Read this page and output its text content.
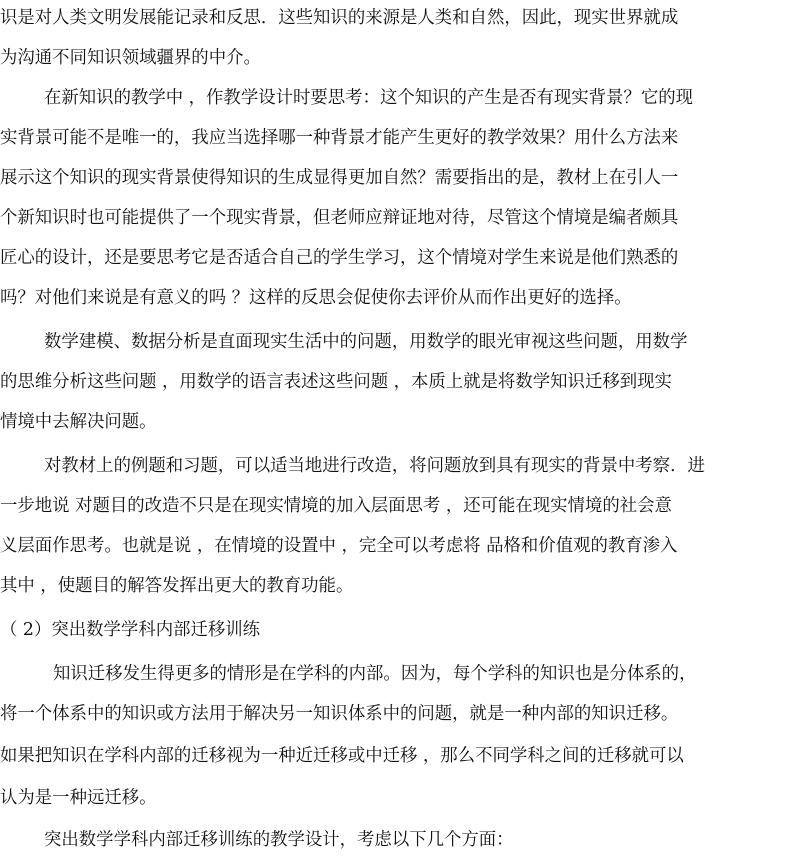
识是对人类文明发展能记录和反思．这些知识的来源是人类和自然，因此，现实世界就成
为沟通不同知识领域疆界的中介。
在新知识的教学中 ，作教学设计时要思考：这个知识的产生是否有现实背景？它的现
实背景可能不是唯一的，我应当选择哪一种背景才能产生更好的教学效果？用什么方法来
展示这个知识的现实背景使得知识的生成显得更加自然？需要指出的是，教材上在引人一
个新知识时也可能提供了一个现实背景，但老师应辩证地对待，尽管这个情境是编者颇具
匠心的设计，还是要思考它是否适合自己的学生学习，这个情境对学生来说是他们熟悉的
吗？对他们来说是有意义的吗 ？这样的反思会促使你去评价从而作出更好的选择。
数学建模、数据分析是直面现实生活中的问题，用数学的眼光审视这些问题，用数学
的思维分析这些问题 ，用数学的语言表述这些问题 ，本质上就是将数学知识迁移到现实
情境中去解决问题。
对教材上的例题和习题，可以适当地进行改造，将问题放到具有现实的背景中考察．进
一步地说 对题目的改造不只是在现实情境的加入层面思考 ，还可能在现实情境的社会意
义层面作思考。也就是说 ，在情境的设置中 ，完全可以考虑将 品格和价值观的教育渗入
其中 ，使题目的解答发挥出更大的教育功能。
（ 2）突出数学学科内部迁移训练
知识迁移发生得更多的情形是在学科的内部。因为，每个学科的知识也是分体系的，
将一个体系中的知识或方法用于解决另一知识体系中的问题，就是一种内部的知识迁移。
如果把知识在学科内部的迁移视为一种近迁移或中迁移 ，那么不同学科之间的迁移就可以
认为是一种远迁移。
突出数学学科内部迁移训练的教学设计，考虑以下几个方面：
